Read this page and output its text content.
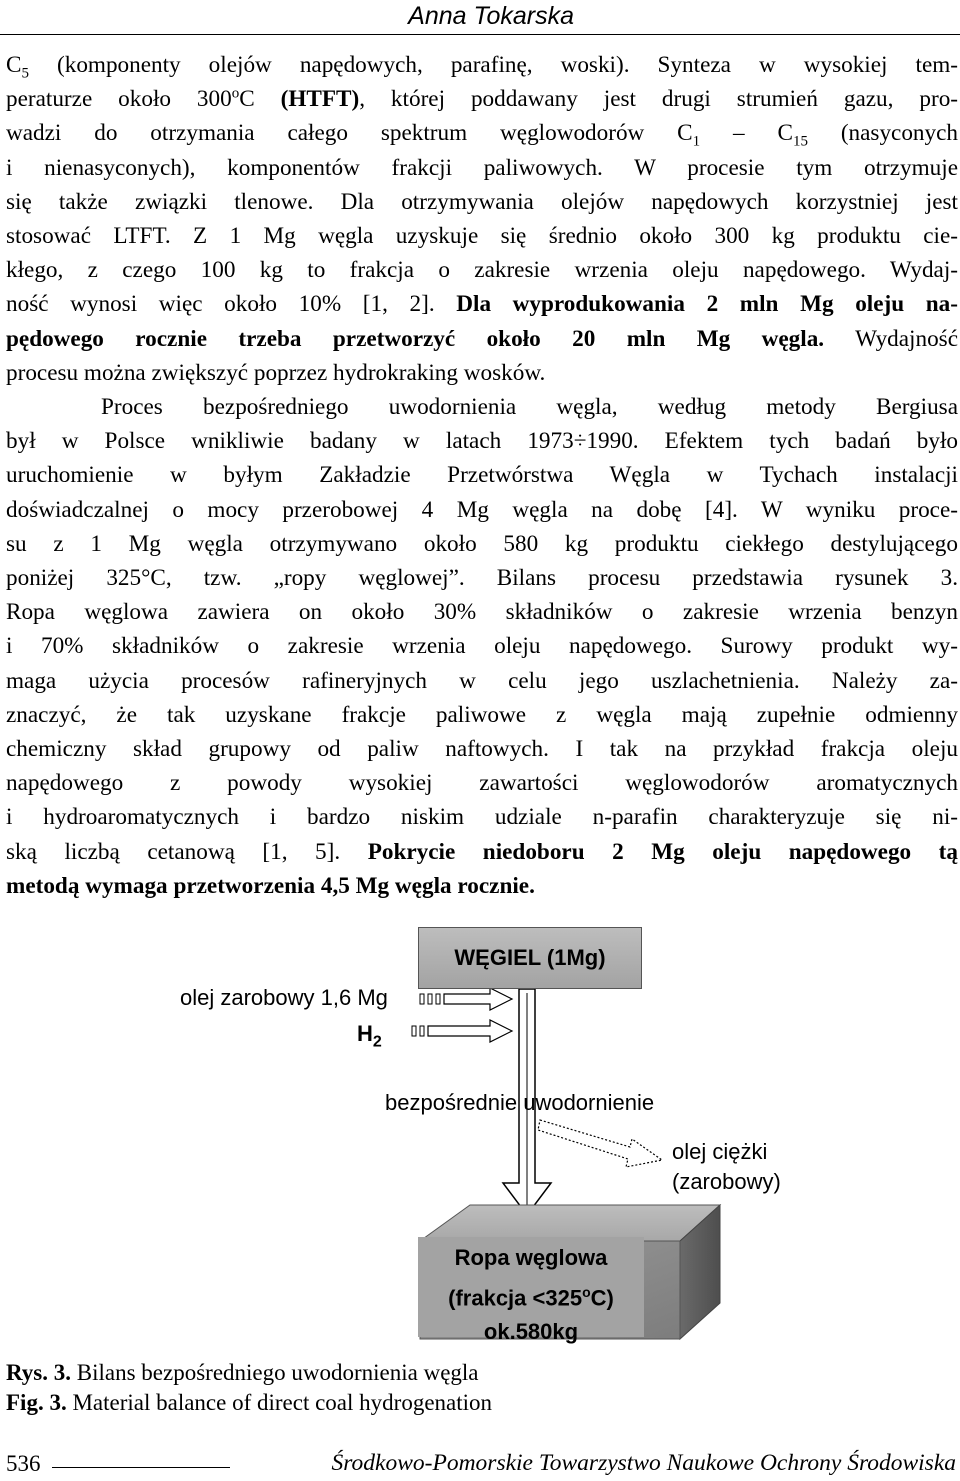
Anna Tokarska

$C_5$ (komponenty olejów napędowych, parafinę, woski). Synteza w wysokiej tem-
peraturze około 300$^o$C (HTFT), której poddawany jest drugi strumień gazu, pro-
wadzi do otrzymania całego spektrum węglowodorów $C_1 - C_{15}$ (nasyconych
i nienasyconych), komponentów frakcji paliwowych. W procesie tym otrzymuje
się także związki tlenowe. Dla otrzymywania olejów napędowych korzystniej jest
stosować LTFT. Z 1 Mg węgla uzyskuje się średnio około 300 kg produktu cie-
kłego, z czego 100 kg to frakcja o zakresie wrzenia oleju napędowego. Wydaj-
ność wynosi więc około 10% [1, 2]. Dla wyprodukowania 2 mln Mg oleju na-
pędowego rocznie trzeba przetworzyć około 20 mln Mg węgla. Wydajność
procesu można zwiększyć poprzez hydrokraking wosków.

Proces bezpośredniego uwodornienia węgla, według metody Bergiusa
był w Polsce wnikliwie badany w latach 1973÷1990. Efektem tych badań było
uruchomienie w byłym Zakładzie Przetwórstwa Węgla w Tychach instalacji
doświadczalnej o mocy przerobowej 4 Mg węgla na dobę [4]. W wyniku proce-
su z 1 Mg węgla otrzymywano około 580 kg produktu ciekłego destylującego
poniżej 325°C, tzw. „ropy węglowej”. Bilans procesu przedstawia rysunek 3.
Ropa węglowa zawiera on około 30% składników o zakresie wrzenia benzyn
i 70% składników o zakresie wrzenia oleju napędowego. Surowy produkt wy-
maga użycia procesów rafineryjnych w celu jego uszlachetnienia. Należy za-
znaczyć, że tak uzyskane frakcje paliwowe z węgla mają zupełnie odmienny
chemiczny skład grupowy od paliw naftowych. I tak na przykład frakcja oleju
napędowego z powody wysokiej zawartości węglowodorów aromatycznych
i hydroaromatycznych i bardzo niskim udziale n-parafin charakteryzuje się ni-
ską liczbą cetanową [1, 5]. Pokrycie niedoboru 2 Mg oleju napędowego tą
metodą wymaga przetworzenia 4,5 Mg węgla rocznie.

WĘGIEL (1Mg)
olej zarobowy 1,6 Mg
$H_2$
bezpośrednie uwodornienie
olej ciężki
(zarobowy)
Ropa węglowa
(frakcja $<325^oC$)
ok.580kg
Rys. 3. Bilans bezpośredniego uwodornienia węgla
Fig. 3. Material balance of direct coal hydrogenation
536	Środkowo-Pomorskie Towarzystwo Naukowe Ochrony Środowiska
